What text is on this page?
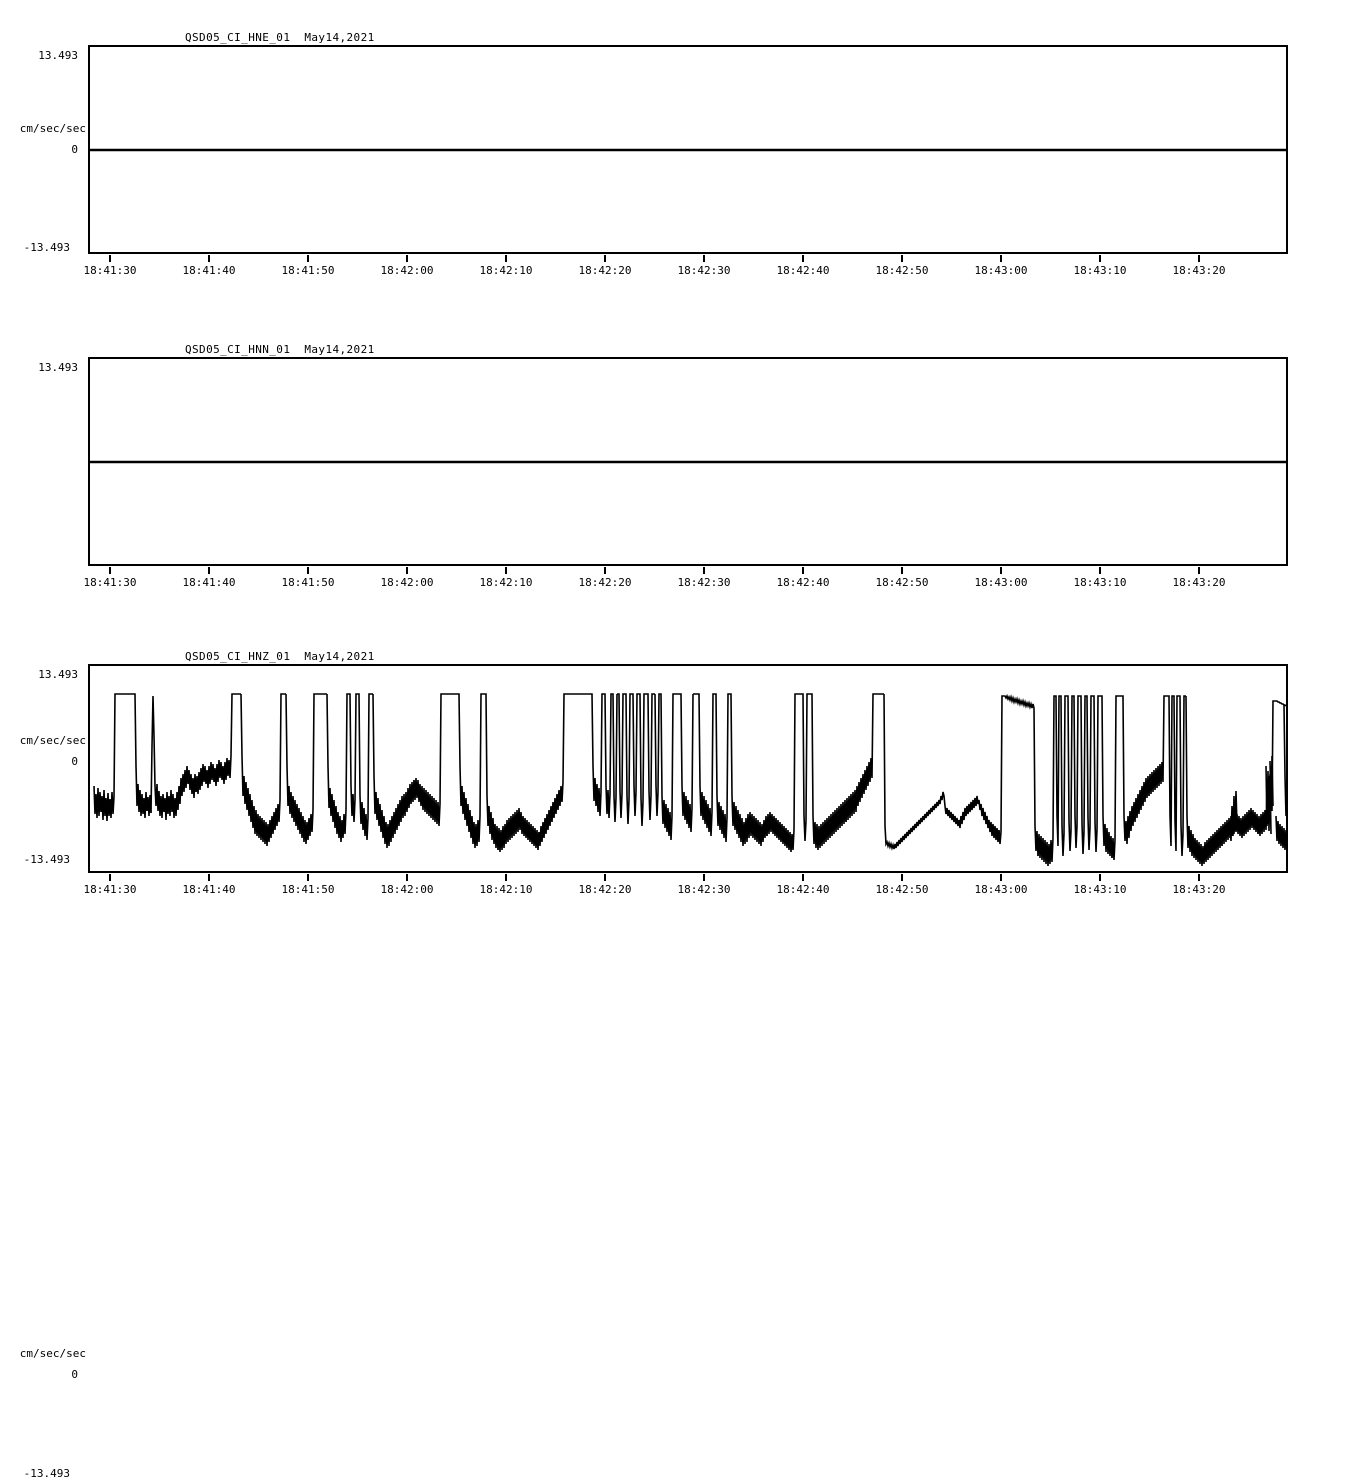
QSD05_CI_HNE_01  May14,2021
13.493
cm/sec/sec
0
-13.493
18:41:30	18:41:40	18:41:50	18:42:00	18:42:10	18:42:20	18:42:30	18:42:40	18:42:50	18:43:00	18:43:10	18:43:20
QSD05_CI_HNN_01  May14,2021
13.493
cm/sec/sec
0
-13.493
18:41:30	18:41:40	18:41:50	18:42:00	18:42:10	18:42:20	18:42:30	18:42:40	18:42:50	18:43:00	18:43:10	18:43:20
QSD05_CI_HNZ_01  May14,2021
13.493
cm/sec/sec
0
-13.493
18:41:30	18:41:40	18:41:50	18:42:00	18:42:10	18:42:20	18:42:30	18:42:40	18:42:50	18:43:00	18:43:10	18:43:20
